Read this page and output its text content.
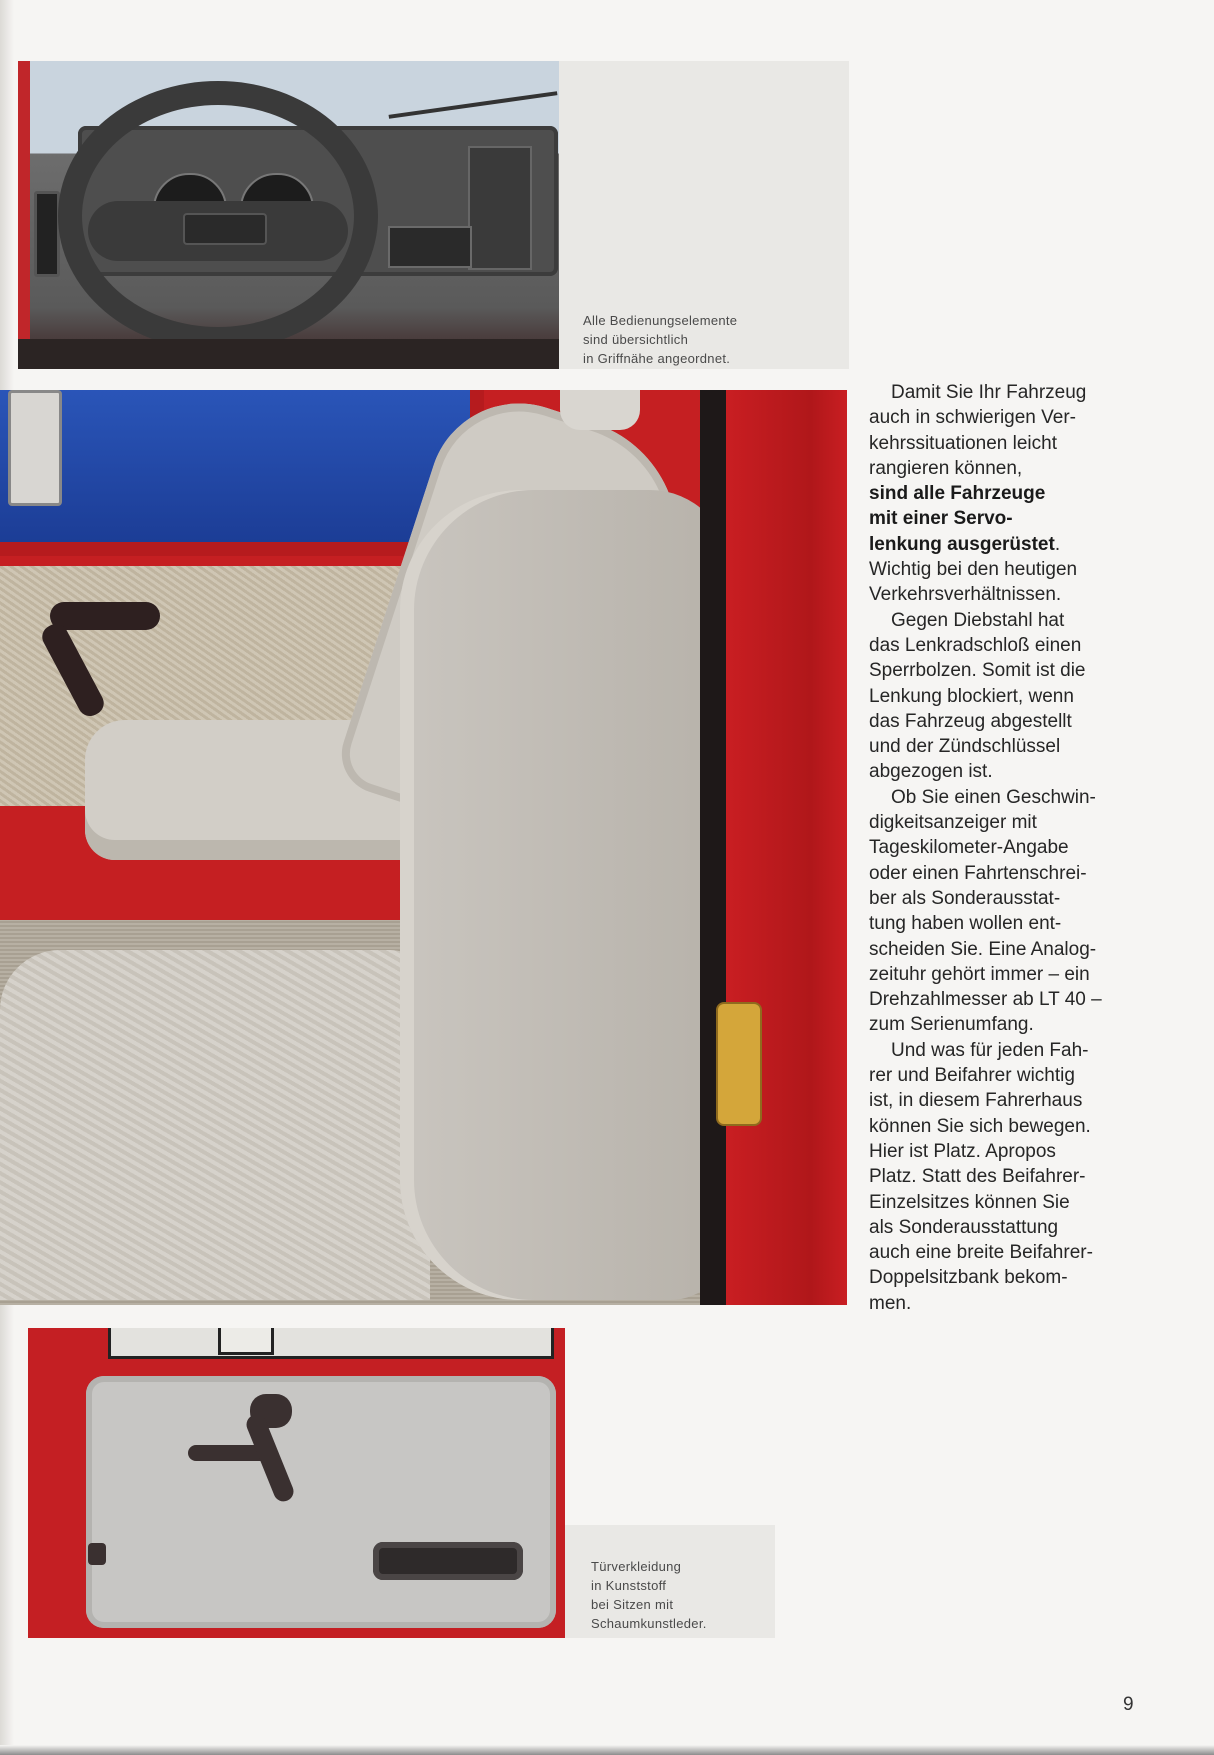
Alle Bedienungselemente
sind übersichtlich
in Griffnähe angeordnet.
Damit Sie Ihr Fahrzeug
auch in schwierigen Ver-
kehrssituationen leicht
rangieren können,
sind alle Fahrzeuge
mit einer Servo-
lenkung ausgerüstet.
Wichtig bei den heutigen
Verkehrsverhältnissen.
Gegen Diebstahl hat
das Lenkradschloß einen
Sperrbolzen. Somit ist die
Lenkung blockiert, wenn
das Fahrzeug abgestellt
und der Zündschlüssel
abgezogen ist.
Ob Sie einen Geschwin-
digkeitsanzeiger mit
Tageskilometer-Angabe
oder einen Fahrtenschrei-
ber als Sonderausstat-
tung haben wollen ent-
scheiden Sie. Eine Analog-
zeituhr gehört immer – ein
Drehzahlmesser ab LT 40 –
zum Serienumfang.
Und was für jeden Fah-
rer und Beifahrer wichtig
ist, in diesem Fahrerhaus
können Sie sich bewegen.
Hier ist Platz. Apropos
Platz. Statt des Beifahrer-
Einzelsitzes können Sie
als Sonderausstattung
auch eine breite Beifahrer-
Doppelsitzbank bekom-
men.
Türverkleidung
in Kunststoff
bei Sitzen mit
Schaumkunstleder.
9
